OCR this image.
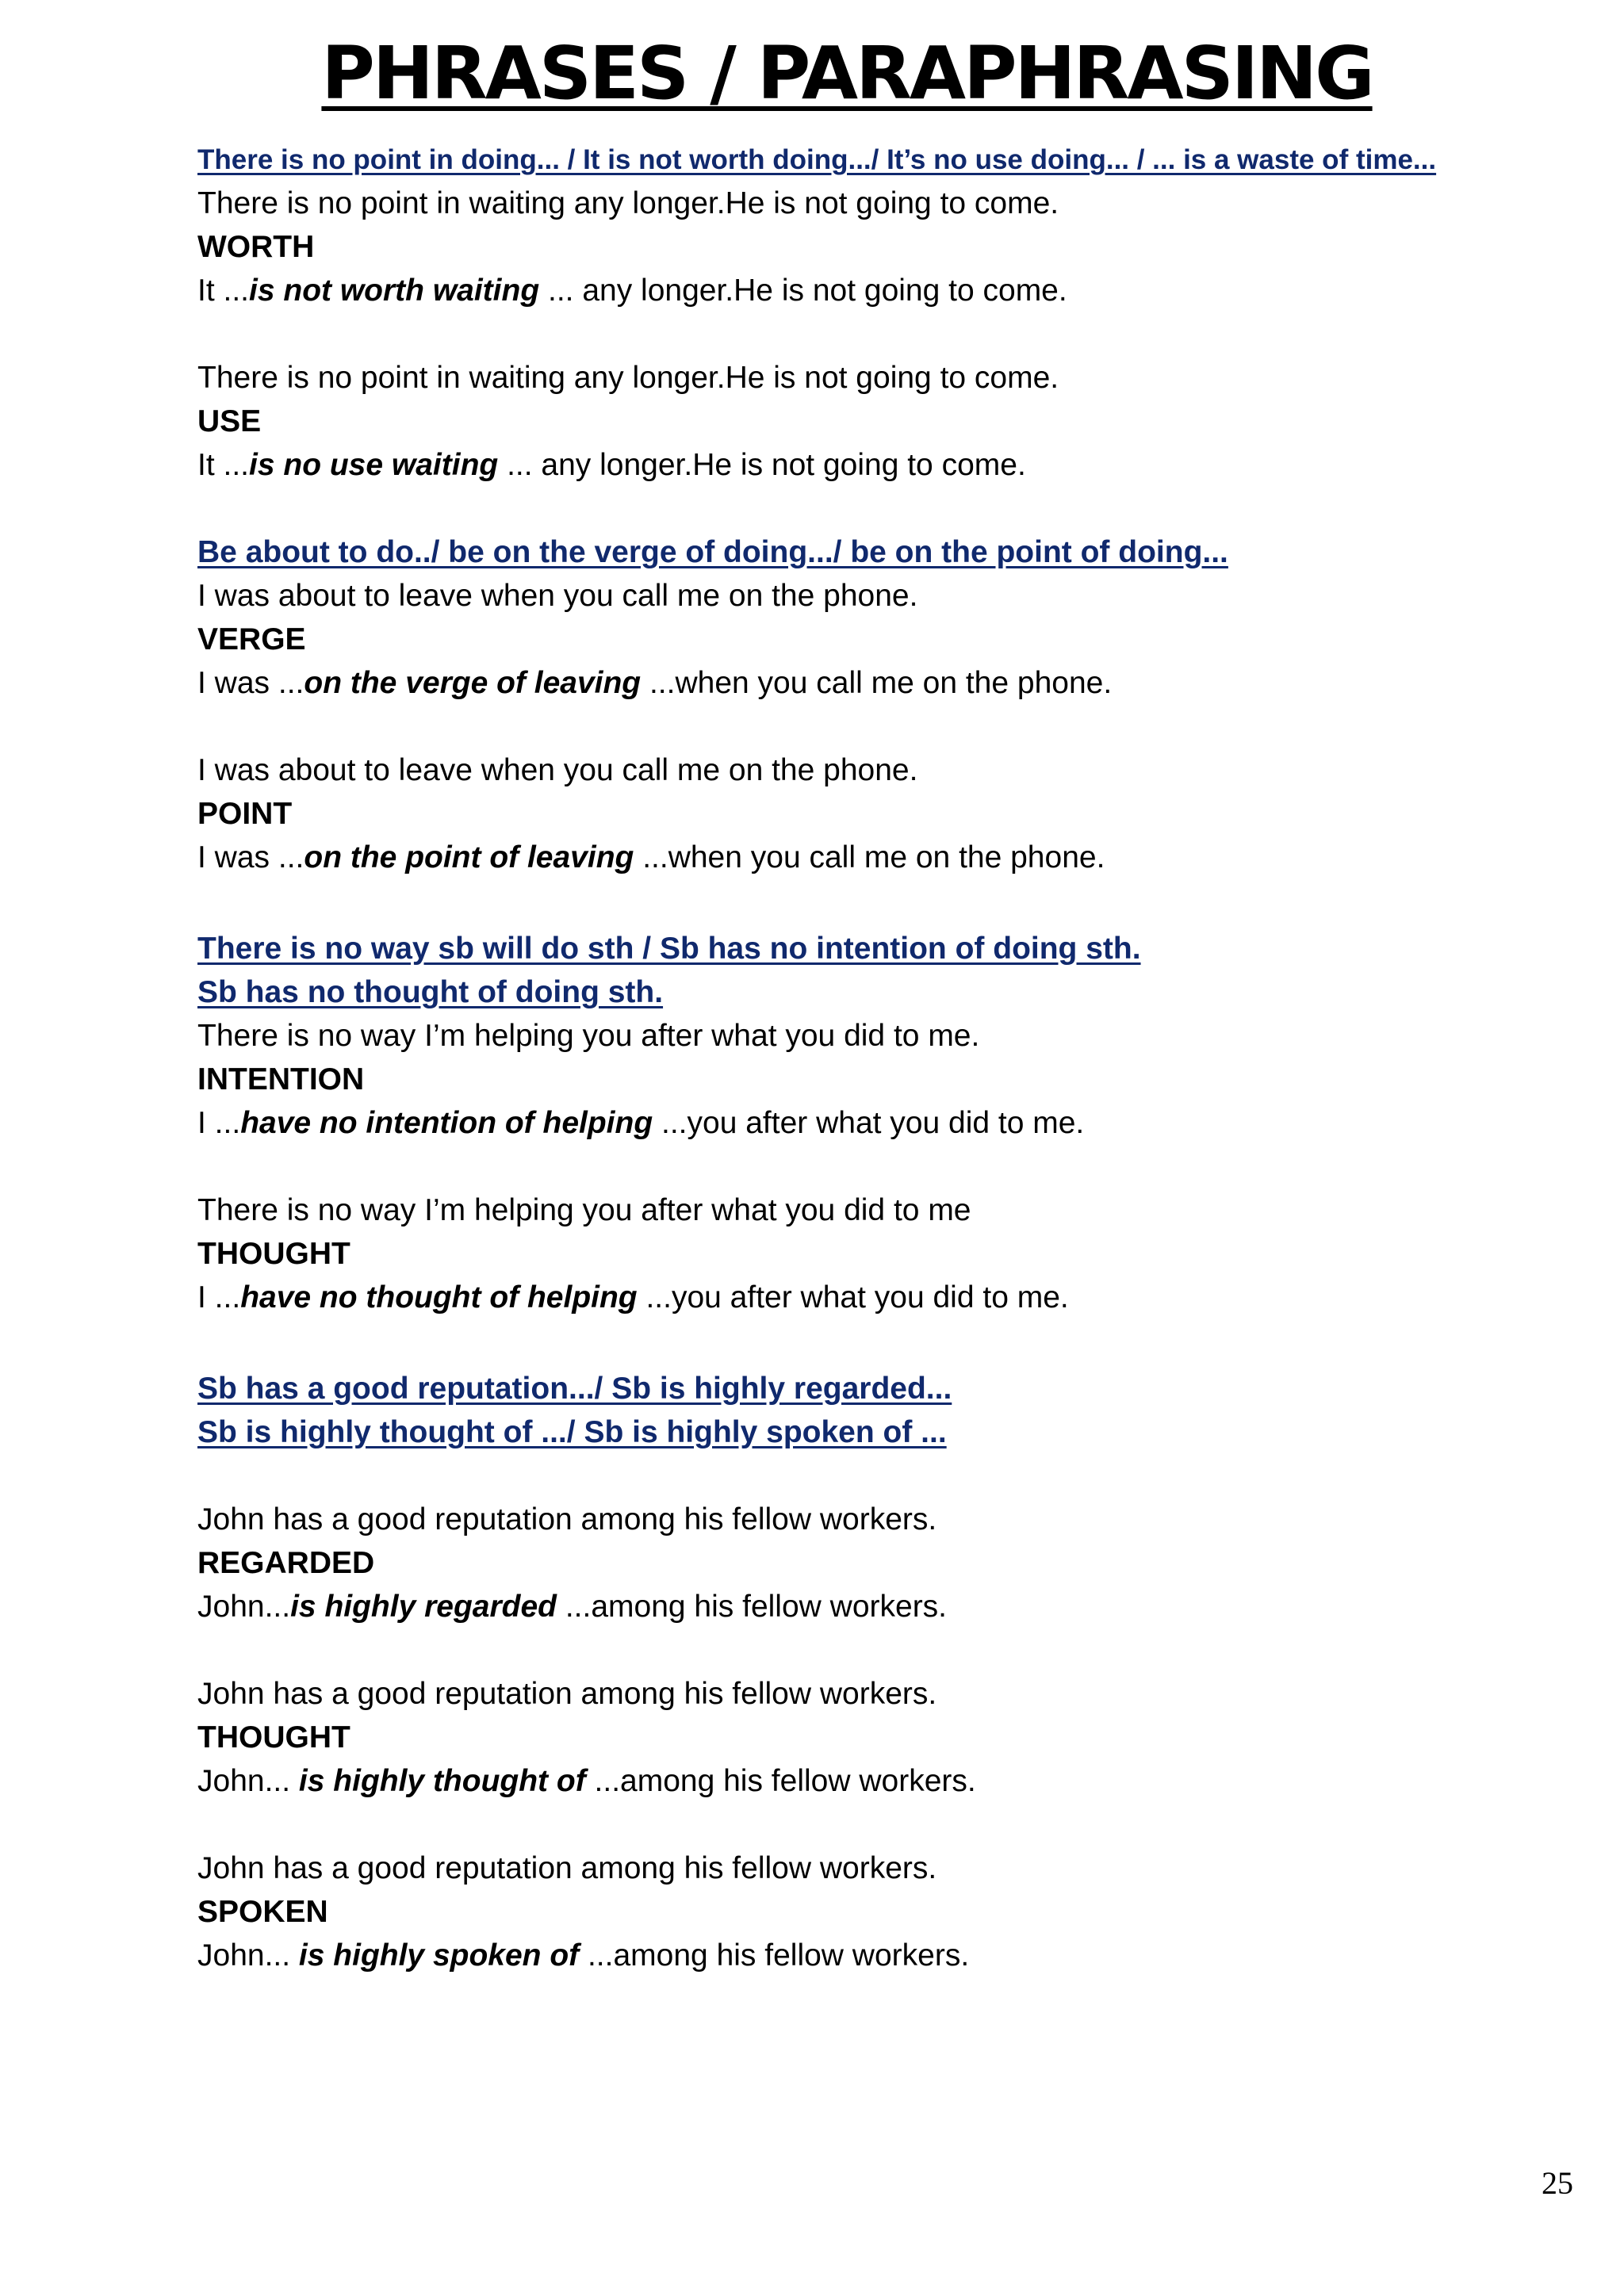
PHRASES / PARAPHRASING
There is no point in doing... / It is not worth doing.../ It’s no use doing... / ... is a waste of time...
There is no point in waiting any longer.He is not going to come.
WORTH
It ...is not worth waiting ... any longer.He is not going to come.
There is no point in waiting any longer.He is not going to come.
USE
It ...is no use waiting ... any longer.He is not going to come.
Be about to do../ be on the verge of doing.../ be on the point of doing...
I was about to leave when you call me on the phone.
VERGE
I was ...on the verge of leaving ...when you call me on the phone.
I was about to leave when you call me on the phone.
POINT
I was ...on the point of leaving ...when you call me on the phone.
There is no way sb will do sth / Sb has no intention of doing sth.
Sb has no thought of doing sth.
There is no way I’m helping you after what you did to me.
INTENTION
I ...have no intention of helping ...you after what you did to me.
There is no way I’m helping you after what you did to me
THOUGHT
I ...have no thought of helping ...you after what you did to me.
Sb has a good reputation.../ Sb is highly regarded...
Sb is highly thought of .../ Sb is highly spoken of ...
John has a good reputation among his fellow workers.
REGARDED
John...is highly regarded ...among his fellow workers.
John has a good reputation among his fellow workers.
THOUGHT
John... is highly thought of ...among his fellow workers.
John has a good reputation among his fellow workers.
SPOKEN
John... is highly spoken of ...among his fellow workers.
25
